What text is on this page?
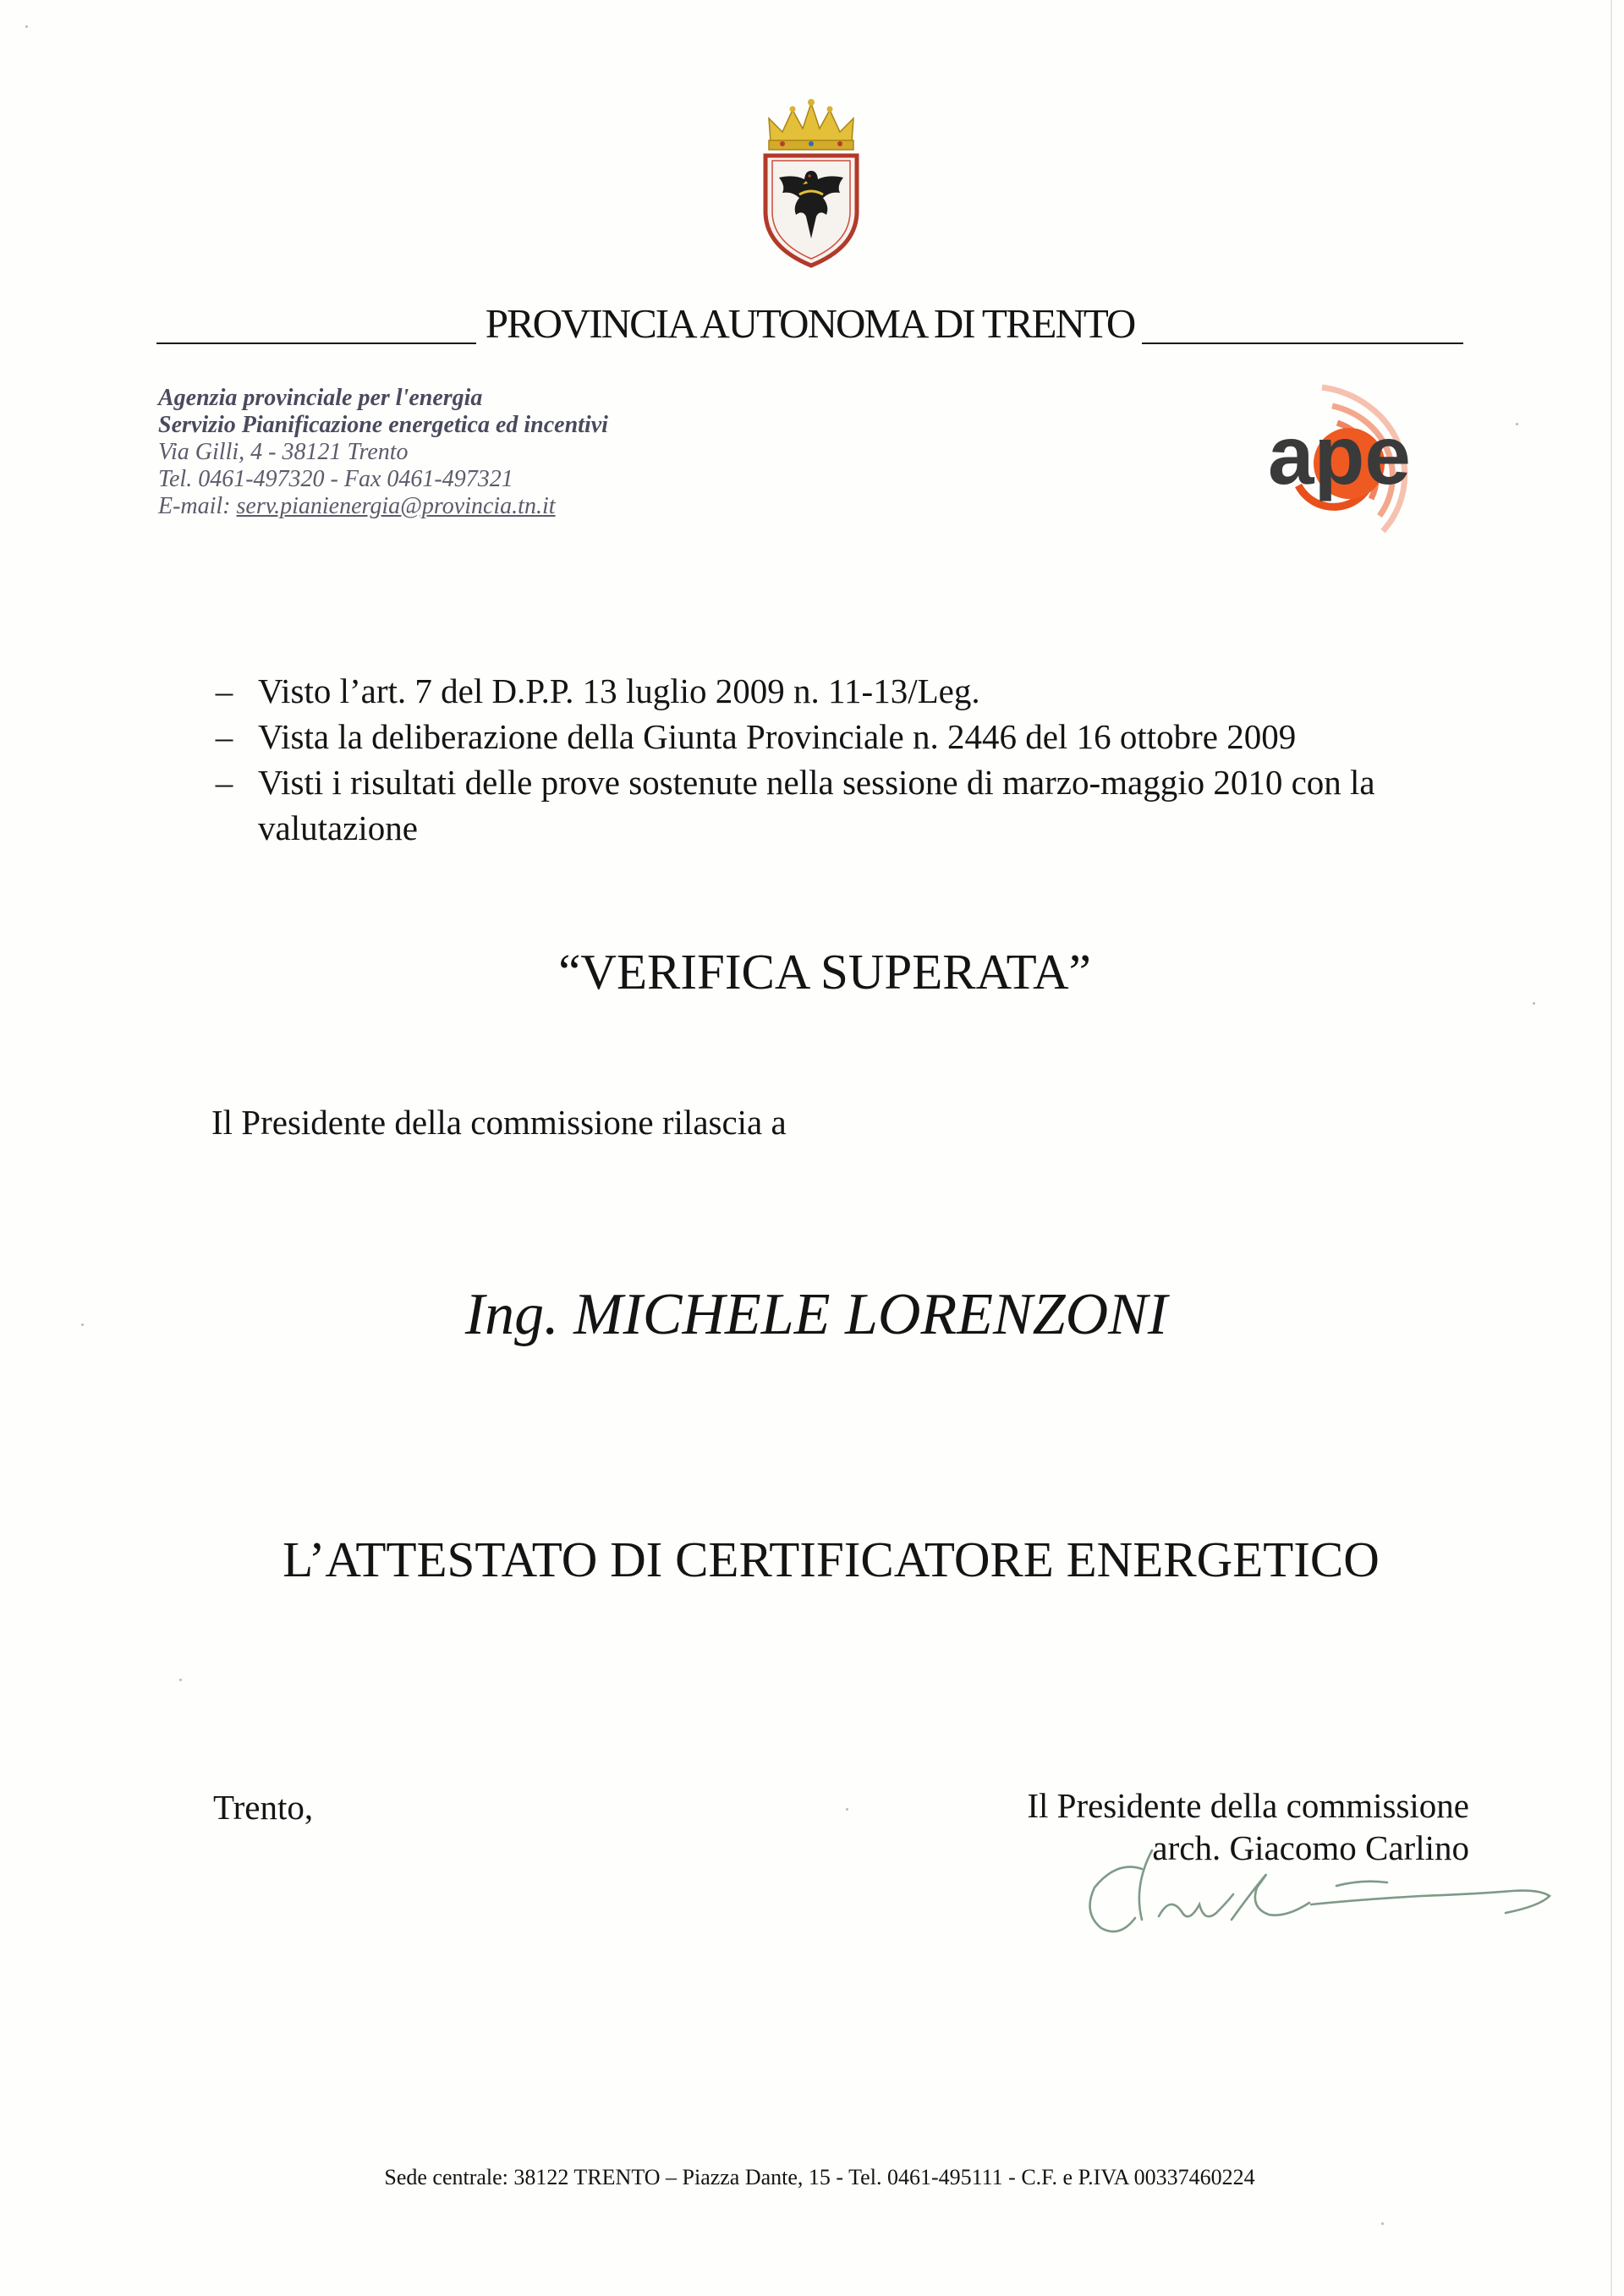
PROVINCIA AUTONOMA DI TRENTO
Agenzia provinciale per l'energia
Servizio Pianificazione energetica ed incentivi
Via Gilli, 4 - 38121 Trento
Tel. 0461-497320 - Fax 0461-497321
E-mail: serv.pianienergia@provincia.tn.it
ape
– Visto l’art. 7 del D.P.P. 13 luglio 2009 n. 11-13/Leg.
– Vista la deliberazione della Giunta Provinciale n. 2446 del 16 ottobre 2009
– Visti i risultati delle prove sostenute nella sessione di marzo-maggio 2010 con la valutazione
“VERIFICA SUPERATA”
Il Presidente della commissione rilascia a
Ing. MICHELE LORENZONI
L’ATTESTATO DI CERTIFICATORE ENERGETICO
Trento,	Il Presidente della commissione
arch. Giacomo Carlino
Sede centrale: 38122 TRENTO – Piazza Dante, 15 - Tel. 0461-495111 - C.F. e P.IVA 00337460224
